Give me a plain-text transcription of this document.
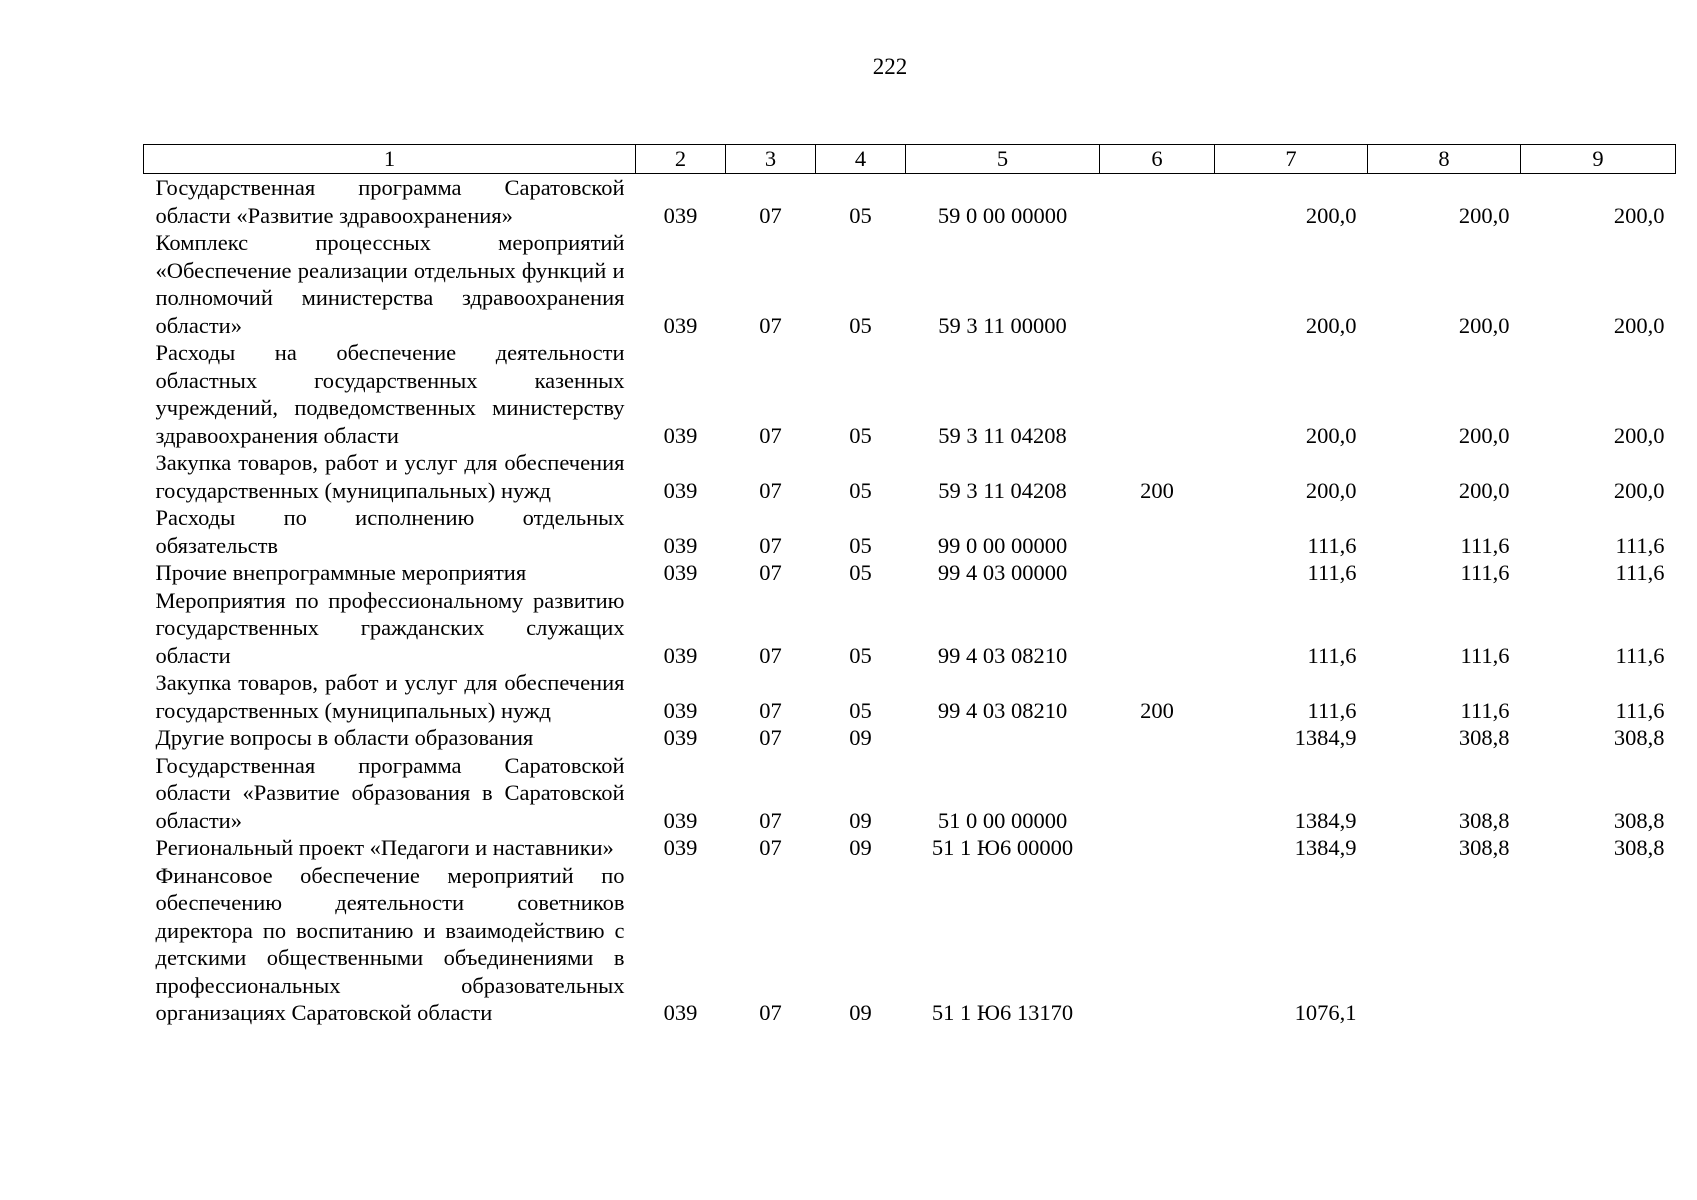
222
1	2	3	4	5	6	7	8	9
Государственная программа Саратовской области «Развитие здравоохранения»	039	07	05	59 0 00 00000		200,0	200,0	200,0
Комплекс процессных мероприятий «Обеспечение реализации отдельных функций и полномочий министерства здравоохранения области»	039	07	05	59 3 11 00000		200,0	200,0	200,0
Расходы на обеспечение деятельности областных государственных казенных учреждений, подведомственных министерству здравоохранения области	039	07	05	59 3 11 04208		200,0	200,0	200,0
Закупка товаров, работ и услуг для обеспечения государственных (муниципальных) нужд	039	07	05	59 3 11 04208	200	200,0	200,0	200,0
Расходы по исполнению отдельных обязательств	039	07	05	99 0 00 00000		111,6	111,6	111,6
Прочие внепрограммные мероприятия	039	07	05	99 4 03 00000		111,6	111,6	111,6
Мероприятия по профессиональному развитию государственных гражданских служащих области	039	07	05	99 4 03 08210		111,6	111,6	111,6
Закупка товаров, работ и услуг для обеспечения государственных (муниципальных) нужд	039	07	05	99 4 03 08210	200	111,6	111,6	111,6
Другие вопросы в области образования	039	07	09			1384,9	308,8	308,8
Государственная программа Саратовской области «Развитие образования в Саратовской области»	039	07	09	51 0 00 00000		1384,9	308,8	308,8
Региональный проект «Педагоги и наставники»	039	07	09	51 1 Ю6 00000		1384,9	308,8	308,8
Финансовое обеспечение мероприятий по обеспечению деятельности советников директора по воспитанию и взаимодействию с детскими общественными объединениями в профессиональных образовательных организациях Саратовской области	039	07	09	51 1 Ю6 13170		1076,1		
